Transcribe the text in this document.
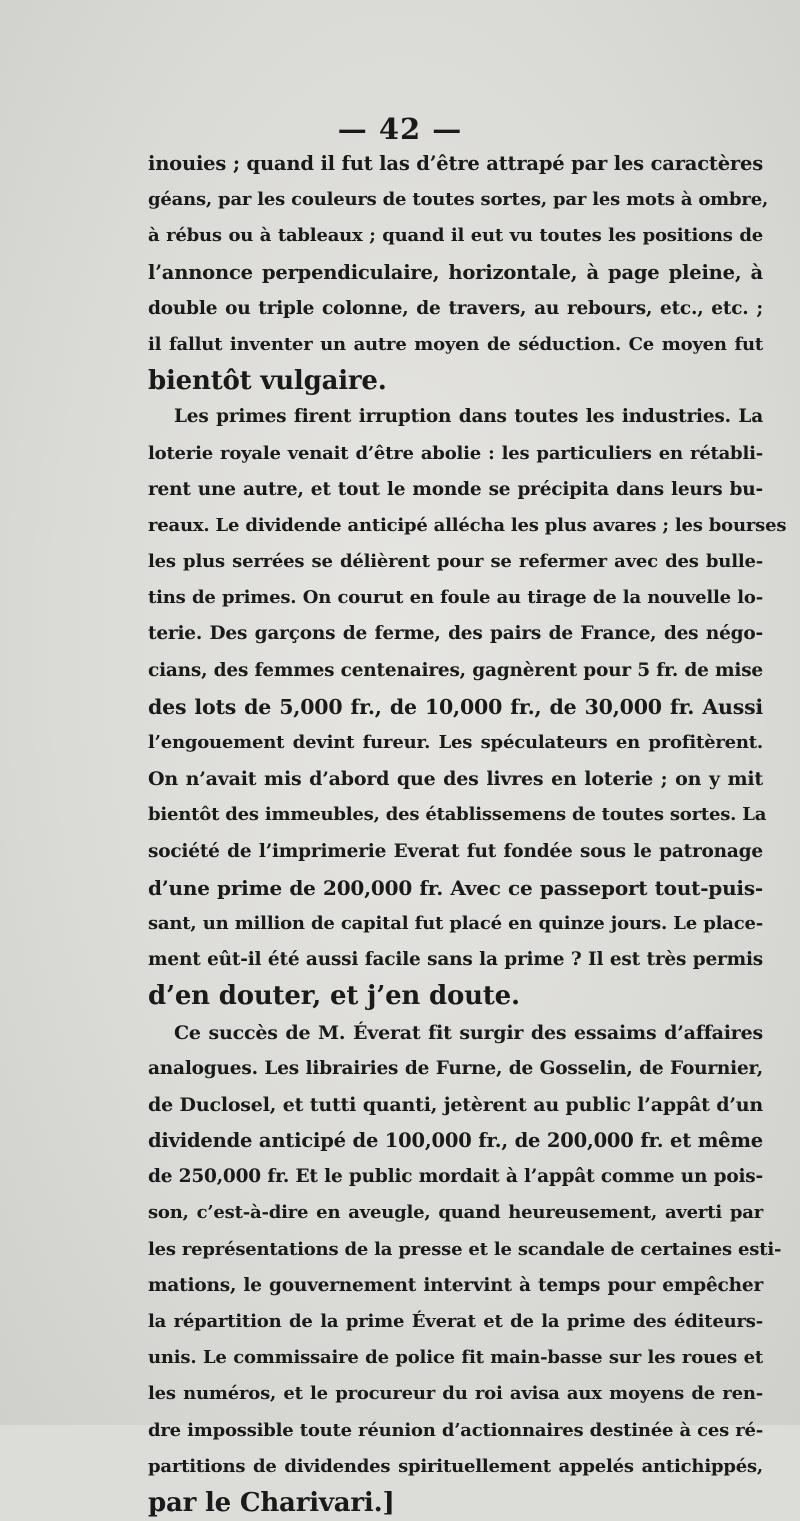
— 42 —
inouies ; quand il fut las d’être attrapé par les caractères
géans, par les couleurs de toutes sortes, par les mots à ombre,
à rébus ou à tableaux ; quand il eut vu toutes les positions de
l’annonce perpendiculaire, horizontale, à page pleine, à
double ou triple colonne, de travers, au rebours, etc., etc. ;
il fallut inventer un autre moyen de séduction. Ce moyen fut
bientôt vulgaire.
Les primes firent irruption dans toutes les industries. La
loterie royale venait d’être abolie : les particuliers en rétabli-
rent une autre, et tout le monde se précipita dans leurs bu-
reaux. Le dividende anticipé allécha les plus avares ; les bourses
les plus serrées se délièrent pour se refermer avec des bulle-
tins de primes. On courut en foule au tirage de la nouvelle lo-
terie. Des garçons de ferme, des pairs de France, des négo-
cians, des femmes centenaires, gagnèrent pour 5 fr. de mise
des lots de 5,000 fr., de 10,000 fr., de 30,000 fr. Aussi
l’engouement devint fureur. Les spéculateurs en profitèrent.
On n’avait mis d’abord que des livres en loterie ; on y mit
bientôt des immeubles, des établissemens de toutes sortes. La
société de l’imprimerie Everat fut fondée sous le patronage
d’une prime de 200,000 fr. Avec ce passeport tout-puis-
sant, un million de capital fut placé en quinze jours. Le place-
ment eût-il été aussi facile sans la prime ? Il est très permis
d’en douter, et j’en doute.
Ce succès de M. Éverat fit surgir des essaims d’affaires
analogues. Les librairies de Furne, de Gosselin, de Fournier,
de Duclosel, et tutti quanti, jetèrent au public l’appât d’un
dividende anticipé de 100,000 fr., de 200,000 fr. et même
de 250,000 fr. Et le public mordait à l’appât comme un pois-
son, c’est-à-dire en aveugle, quand heureusement, averti par
les représentations de la presse et le scandale de certaines esti-
mations, le gouvernement intervint à temps pour empêcher
la répartition de la prime Éverat et de la prime des éditeurs-
unis. Le commissaire de police fit main-basse sur les roues et
les numéros, et le procureur du roi avisa aux moyens de ren-
dre impossible toute réunion d’actionnaires destinée à ces ré-
partitions de dividendes spirituellement appelés antichippés,
par le Charivari.]
